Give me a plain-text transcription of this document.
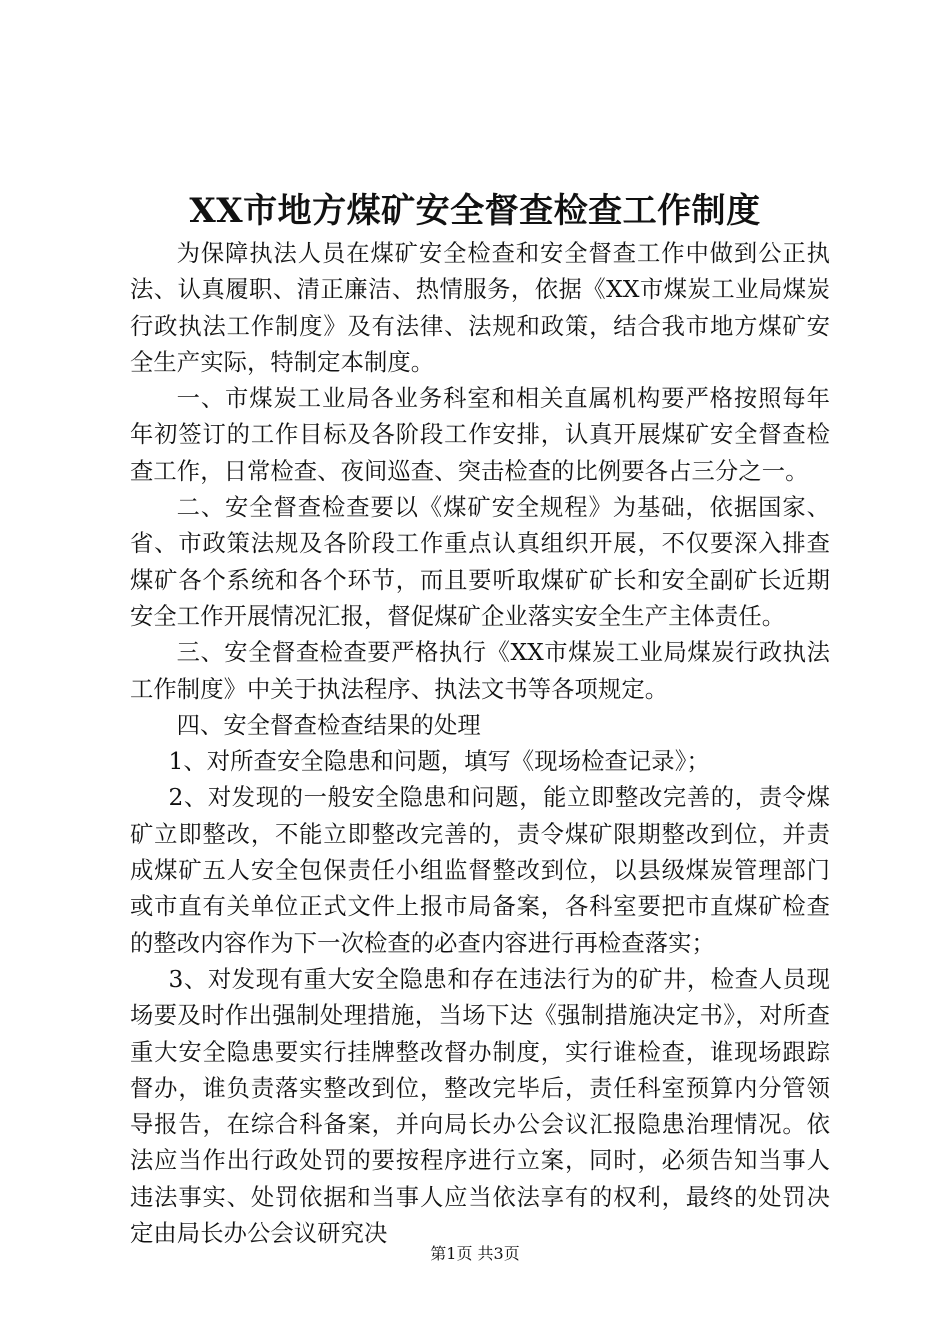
XX市地方煤矿安全督查检查工作制度

为保障执法人员在煤矿安全检查和安全督查工作中做到公正执法、认真履职、清正廉洁、热情服务，依据《XX市煤炭工业局煤炭行政执法工作制度》及有法律、法规和政策，结合我市地方煤矿安全生产实际，特制定本制度。

一、市煤炭工业局各业务科室和相关直属机构要严格按照每年年初签订的工作目标及各阶段工作安排，认真开展煤矿安全督查检查工作，日常检查、夜间巡查、突击检查的比例要各占三分之一。

二、安全督查检查要以《煤矿安全规程》为基础，依据国家、省、市政策法规及各阶段工作重点认真组织开展，不仅要深入排查煤矿各个系统和各个环节，而且要听取煤矿矿长和安全副矿长近期安全工作开展情况汇报，督促煤矿企业落实安全生产主体责任。

三、安全督查检查要严格执行《XX市煤炭工业局煤炭行政执法工作制度》中关于执法程序、执法文书等各项规定。

四、安全督查检查结果的处理

1、对所查安全隐患和问题，填写《现场检查记录》；

2、对发现的一般安全隐患和问题，能立即整改完善的，责令煤矿立即整改，不能立即整改完善的，责令煤矿限期整改到位，并责成煤矿五人安全包保责任小组监督整改到位，以县级煤炭管理部门或市直有关单位正式文件上报市局备案，各科室要把市直煤矿检查的整改内容作为下一次检查的必查内容进行再检查落实；

3、对发现有重大安全隐患和存在违法行为的矿井，检查人员现场要及时作出强制处理措施，当场下达《强制措施决定书》，对所查重大安全隐患要实行挂牌整改督办制度，实行谁检查，谁现场跟踪督办，谁负责落实整改到位，整改完毕后，责任科室预算内分管领导报告，在综合科备案，并向局长办公会议汇报隐患治理情况。依法应当作出行政处罚的要按程序进行立案，同时，必须告知当事人违法事实、处罚依据和当事人应当依法享有的权利，最终的处罚决定由局长办公会议研究决

第1页 共3页
